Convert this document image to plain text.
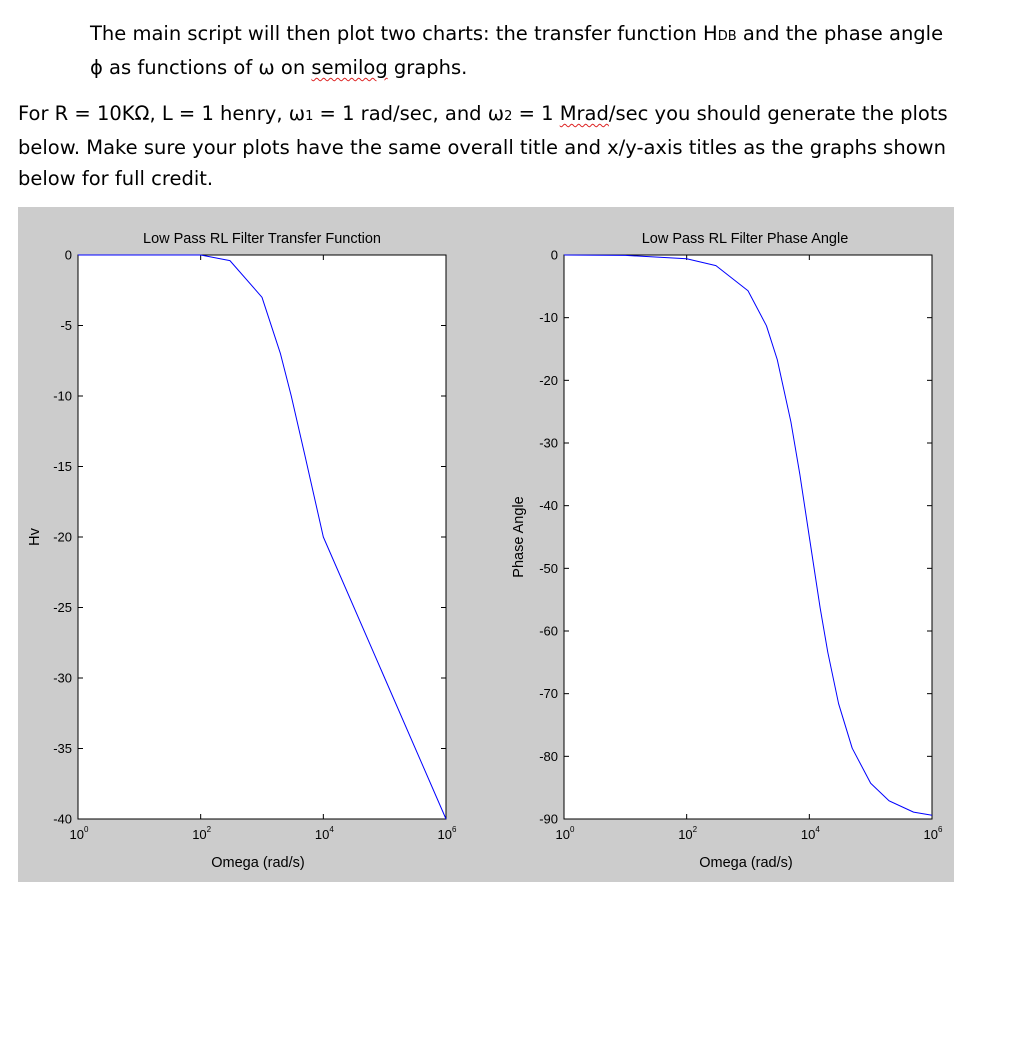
The main script will then plot two charts: the transfer function HDB and the phase angle
ϕ as functions of ω on semilog graphs.

For R = 10KΩ, L = 1 henry, ω1 = 1 rad/sec, and ω2 = 1 Mrad/sec you should generate the plots below. Make sure your plots have the same overall title and x/y-axis titles as the graphs shown below for full credit.

Low Pass RL Filter Transfer Function
Omega (rad/s)
Hv
0
-5
-10
-15
-20
-25
-30
-35
-40
$10^0$	$10^2$	$10^4$	$10^6$
Low Pass RL Filter Phase Angle
Omega (rad/s)
Phase Angle
0
-10
-20
-30
-40
-50
-60
-70
-80
-90
$10^0$	$10^2$	$10^4$	$10^6$
